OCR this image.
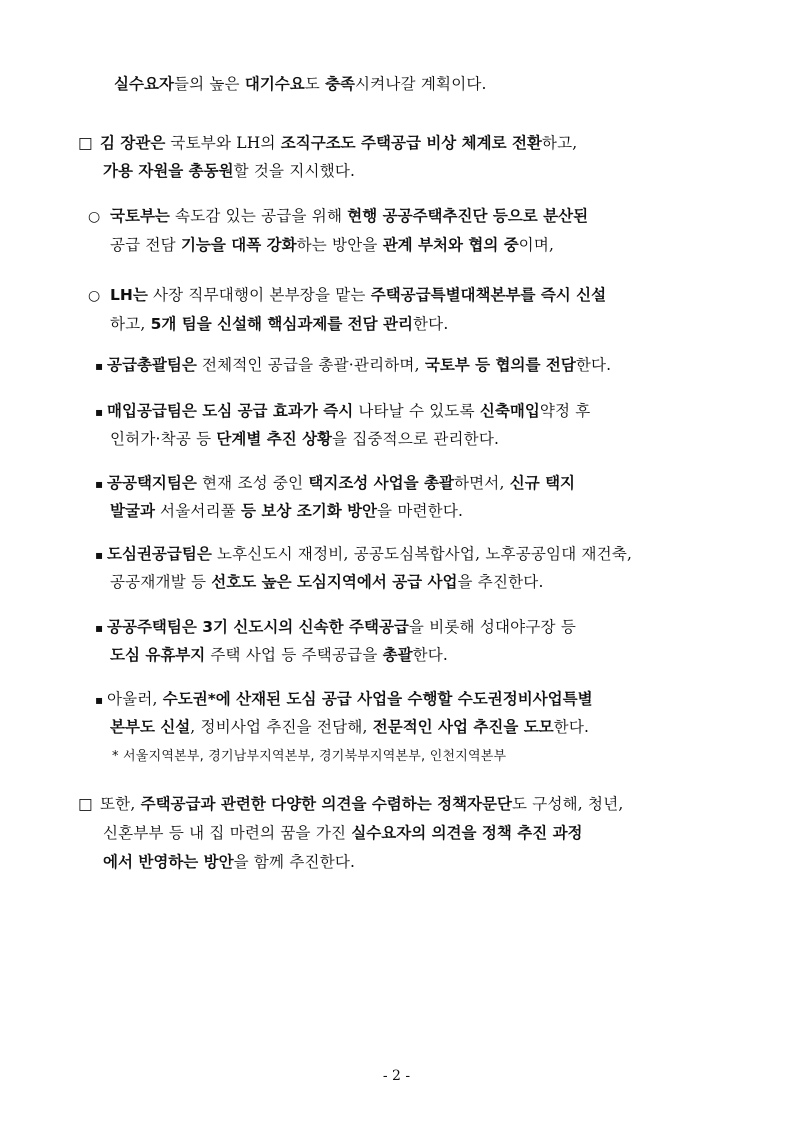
실수요자들의 높은 대기수요도 충족시켜나갈 계획이다.
□ 김 장관은 국토부와 LH의 조직구조도 주택공급 비상 체계로 전환하고,
가용 자원을 총동원할 것을 지시했다.
○ 국토부는 속도감 있는 공급을 위해 현행 공공주택추진단 등으로 분산된
공급 전담 기능을 대폭 강화하는 방안을 관계 부처와 협의 중이며,
○ LH는 사장 직무대행이 본부장을 맡는 주택공급특별대책본부를 즉시 신설
하고, 5개 팀을 신설해 핵심과제를 전담 관리한다.
▪ 공급총괄팀은 전체적인 공급을 총괄·관리하며, 국토부 등 협의를 전담한다.
▪ 매입공급팀은 도심 공급 효과가 즉시 나타날 수 있도록 신축매입약정 후
인허가·착공 등 단계별 추진 상황을 집중적으로 관리한다.
▪ 공공택지팀은 현재 조성 중인 택지조성 사업을 총괄하면서, 신규 택지
발굴과 서울서리풀 등 보상 조기화 방안을 마련한다.
▪ 도심권공급팀은 노후신도시 재정비, 공공도심복합사업, 노후공공임대 재건축,
공공재개발 등 선호도 높은 도심지역에서 공급 사업을 추진한다.
▪ 공공주택팀은 3기 신도시의 신속한 주택공급을 비롯해 성대야구장 등
도심 유휴부지 주택 사업 등 주택공급을 총괄한다.
▪ 아울러, 수도권*에 산재된 도심 공급 사업을 수행할 수도권정비사업특별
본부도 신설, 정비사업 추진을 전담해, 전문적인 사업 추진을 도모한다.
* 서울지역본부, 경기남부지역본부, 경기북부지역본부, 인천지역본부
□ 또한, 주택공급과 관련한 다양한 의견을 수렴하는 정책자문단도 구성해, 청년,
신혼부부 등 내 집 마련의 꿈을 가진 실수요자의 의견을 정책 추진 과정
에서 반영하는 방안을 함께 추진한다.
- 2 -
